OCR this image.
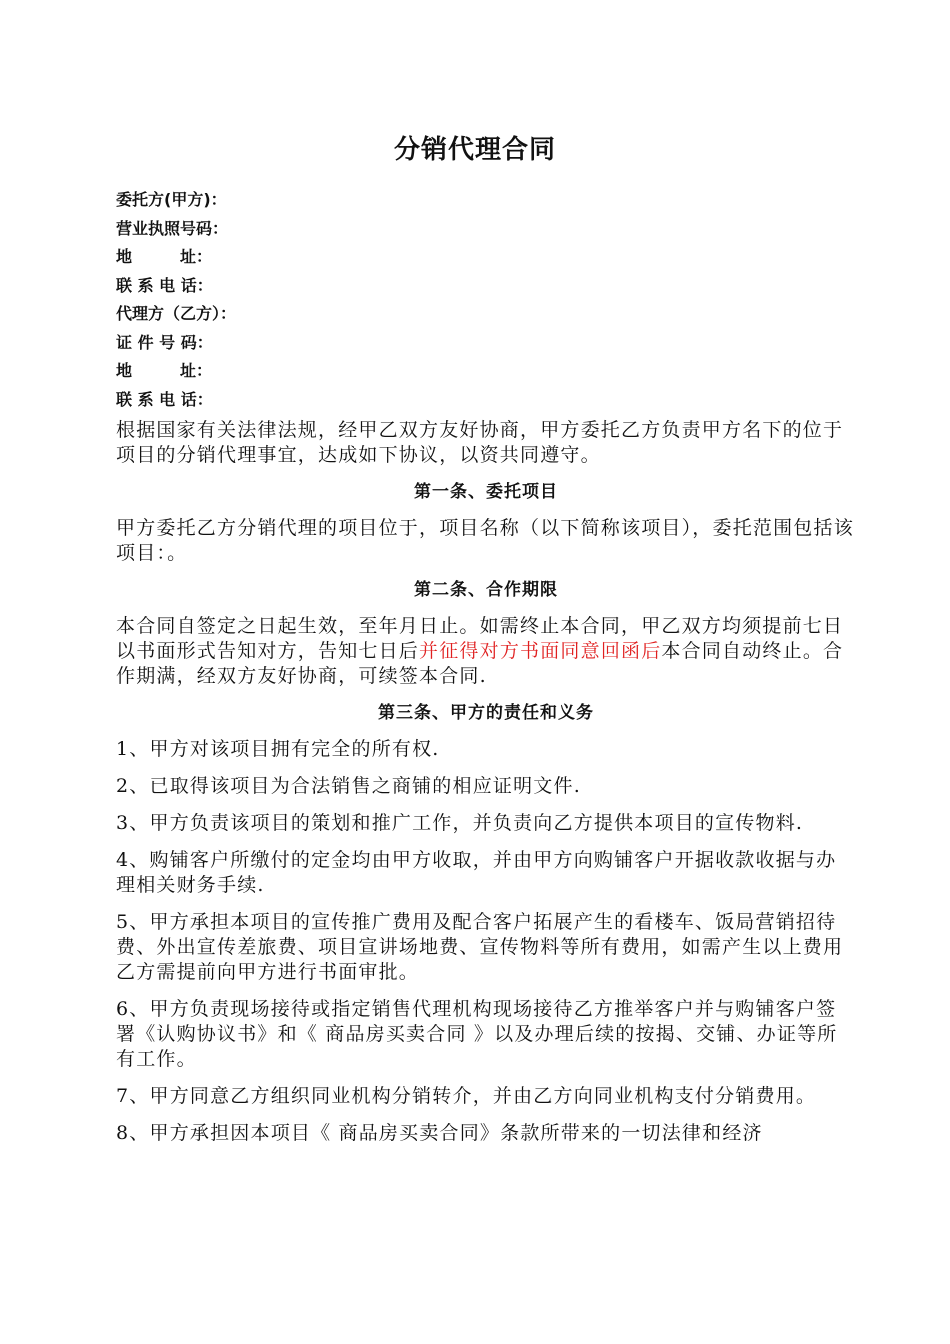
分销代理合同
委托方(甲方)：
营业执照号码：
地　　　址：
联 系 电 话：
代理方（乙方）：
证 件 号 码：
地　　　址：
联 系 电 话：

根据国家有关法律法规，经甲乙双方友好协商，甲方委托乙方负责甲方名下的位于项目的分销代理事宜，达成如下协议，以资共同遵守。

第一条、委托项目

甲方委托乙方分销代理的项目位于，项目名称（以下简称该项目），委托范围包括该项目：。

第二条、合作期限

本合同自签定之日起生效，至年月日止。如需终止本合同，甲乙双方均须提前七日以书面形式告知对方，告知七日后并征得对方书面同意回函后本合同自动终止。合作期满，经双方友好协商，可续签本合同.

第三条、甲方的责任和义务

1、甲方对该项目拥有完全的所有权.

2、已取得该项目为合法销售之商铺的相应证明文件.

3、甲方负责该项目的策划和推广工作，并负责向乙方提供本项目的宣传物料.

4、购铺客户所缴付的定金均由甲方收取，并由甲方向购铺客户开据收款收据与办理相关财务手续.

5、甲方承担本项目的宣传推广费用及配合客户拓展产生的看楼车、饭局营销招待费、外出宣传差旅费、项目宣讲场地费、宣传物料等所有费用，如需产生以上费用乙方需提前向甲方进行书面审批。

6、甲方负责现场接待或指定销售代理机构现场接待乙方推举客户并与购铺客户签署《认购协议书》和《 商品房买卖合同 》以及办理后续的按揭、交铺、办证等所有工作。

7、甲方同意乙方组织同业机构分销转介，并由乙方向同业机构支付分销费用。

8、甲方承担因本项目《 商品房买卖合同》条款所带来的一切法律和经济
